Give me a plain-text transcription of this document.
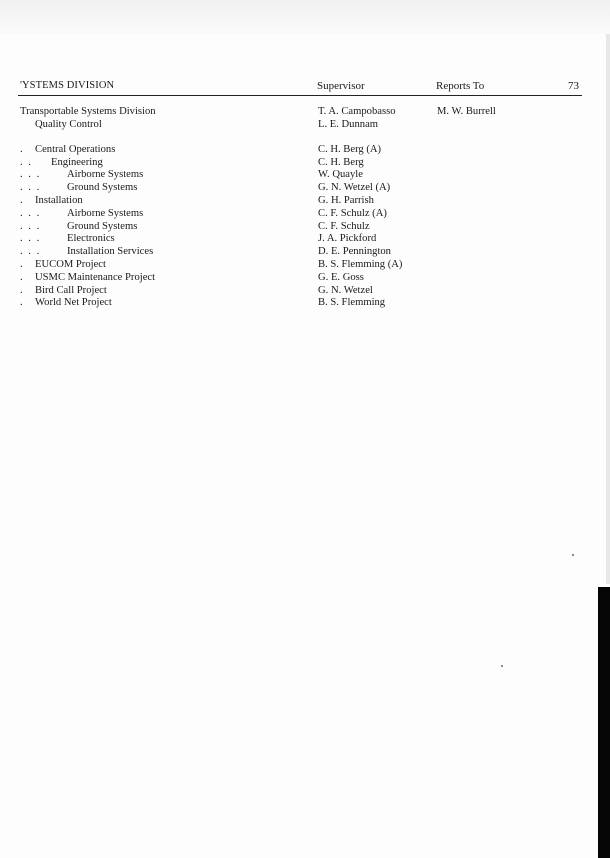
'YSTEMS DIVISION	Supervisor	Reports To	73
Transportable Systems Division	T. A. Campobasso	M. W. Burrell
Quality Control	L. E. Dunnam
. Central Operations	C. H. Berg (A)
. . Engineering	C. H. Berg
. . . Airborne Systems	W. Quayle
. . . Ground Systems	G. N. Wetzel (A)
. Installation	G. H. Parrish
. . . Airborne Systems	C. F. Schulz (A)
. . . Ground Systems	C. F. Schulz
. . . Electronics	J. A. Pickford
. . . Installation Services	D. E. Pennington
. EUCOM Project	B. S. Flemming (A)
. USMC Maintenance Project	G. E. Goss
. Bird Call Project	G. N. Wetzel
. World Net Project	B. S. Flemming
